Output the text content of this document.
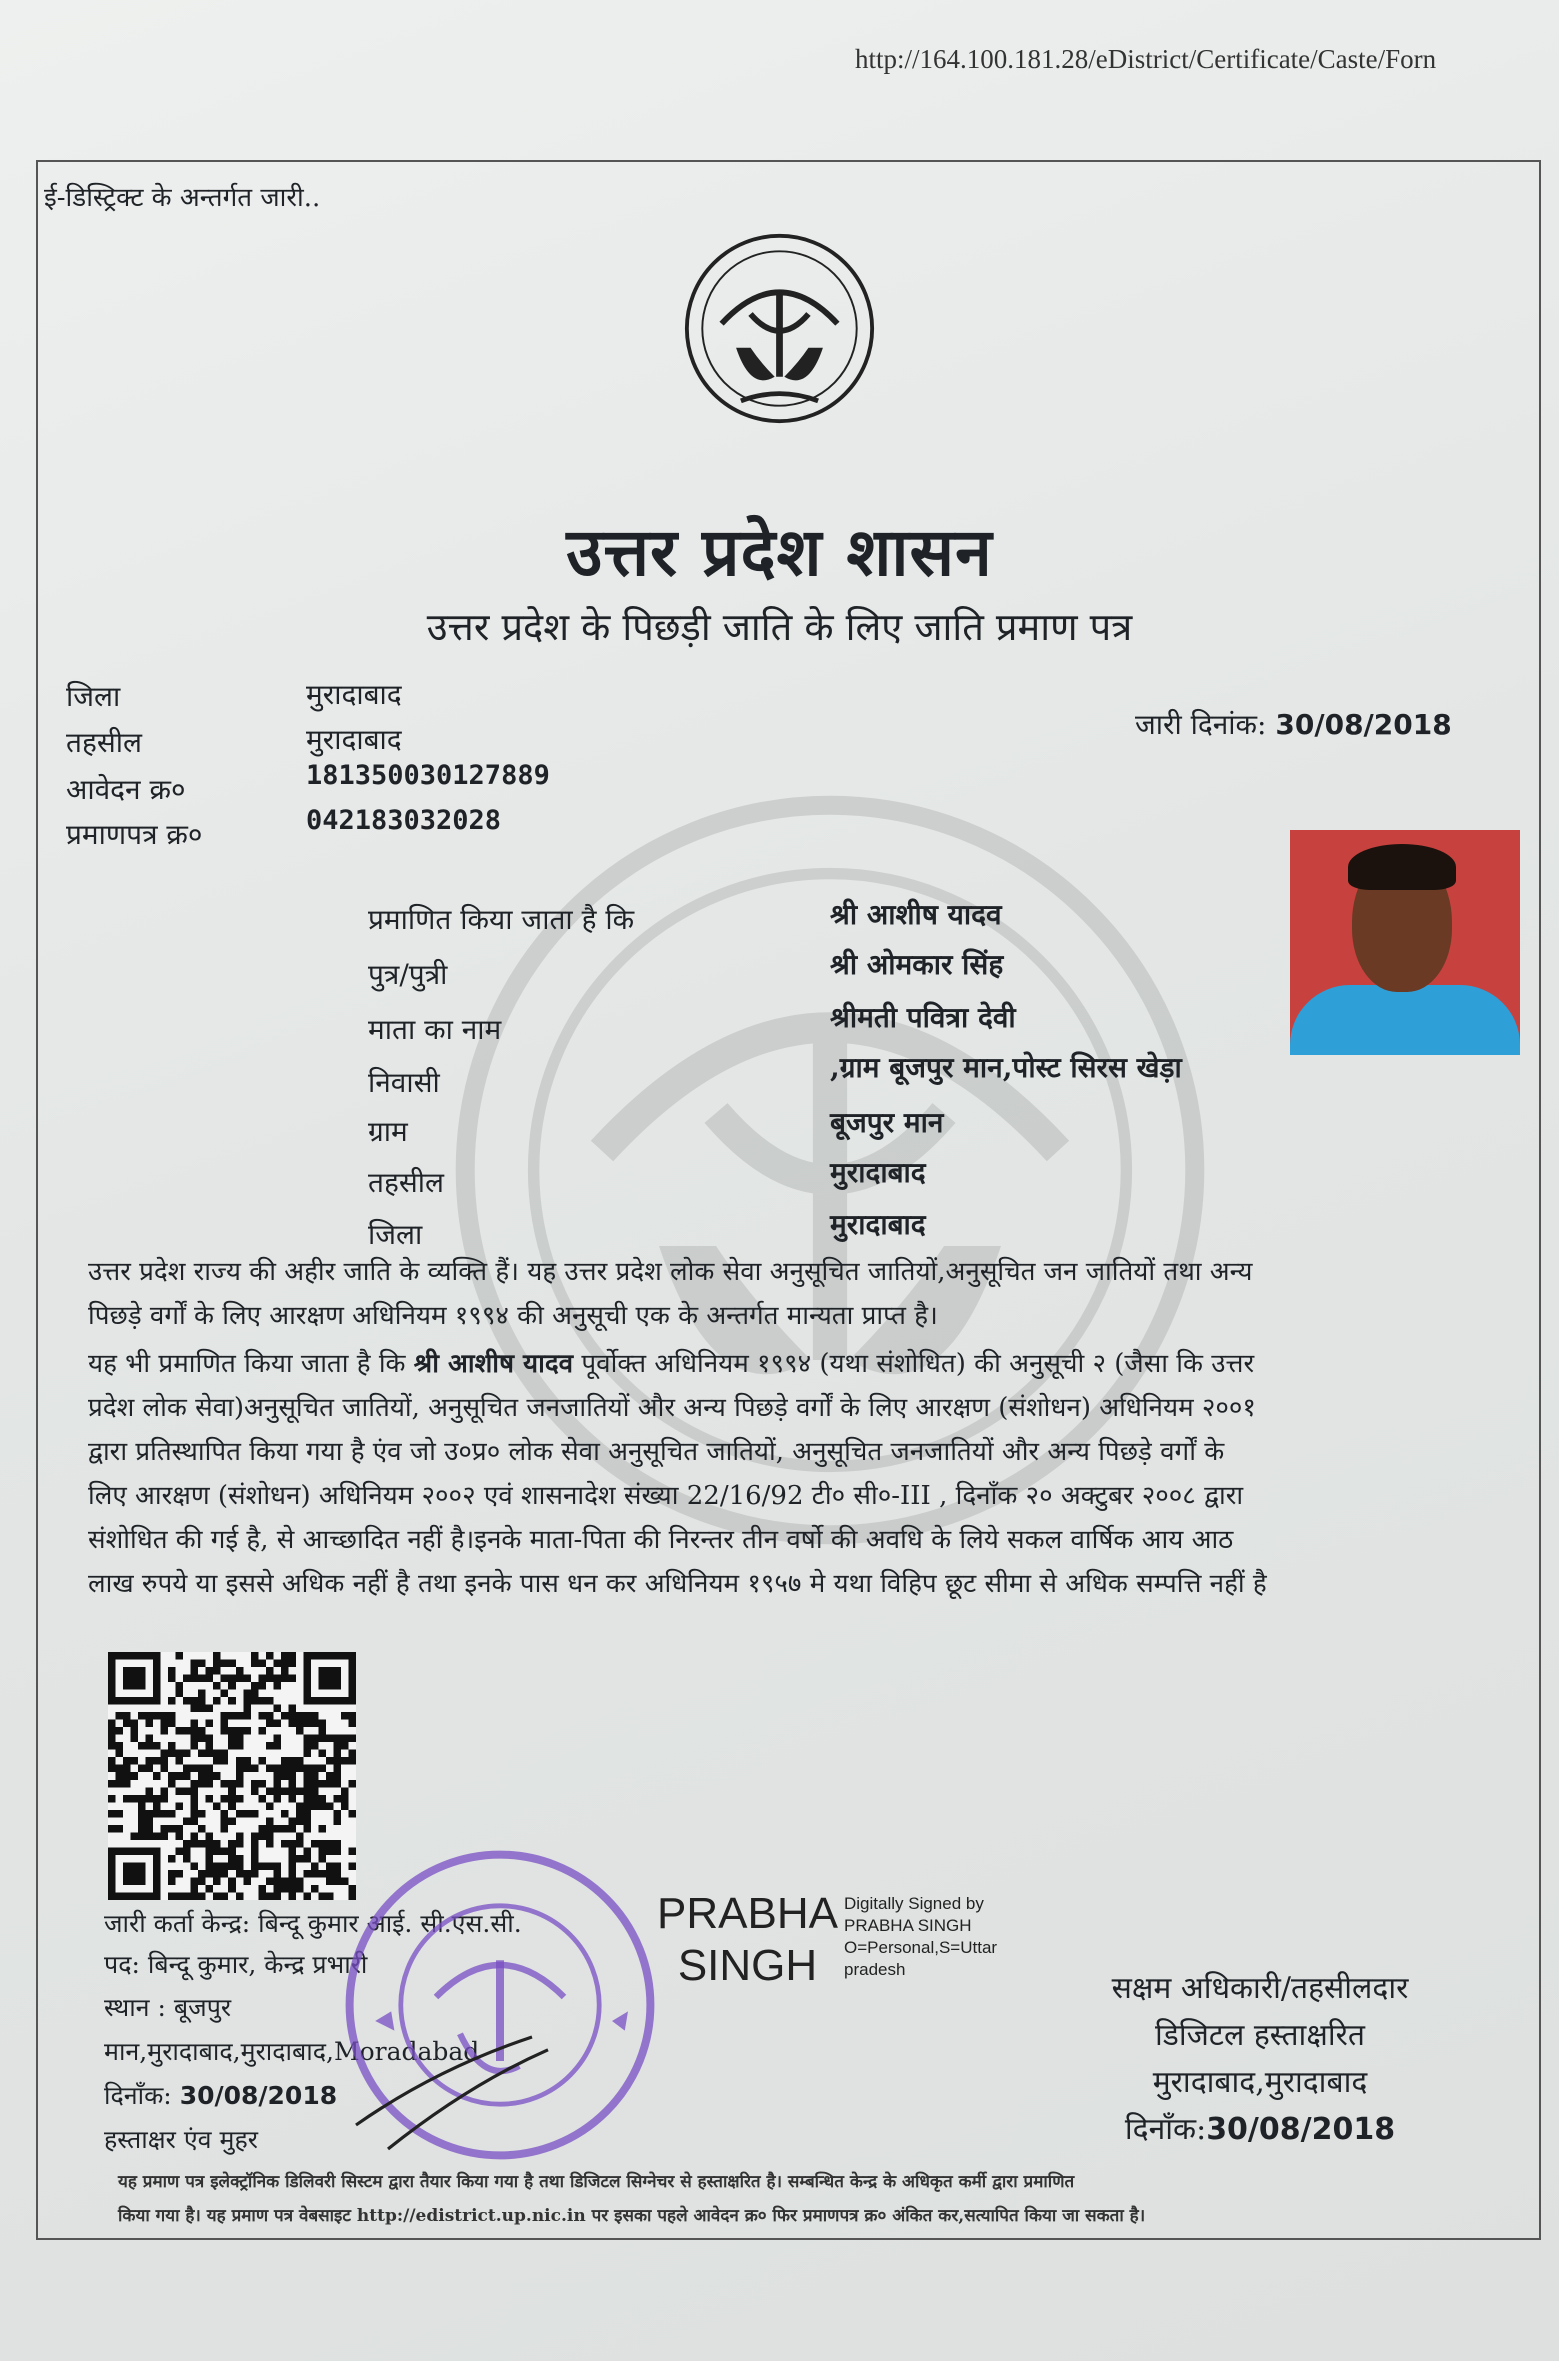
http://164.100.181.28/eDistrict/Certificate/Caste/Forn
ई-डिस्ट्रिक्ट के अन्तर्गत जारी..
उत्तर प्रदेश शासन
उत्तर प्रदेश के पिछड़ी जाति के लिए जाति प्रमाण पत्र
जिला	मुरादाबाद
तहसील	मुरादाबाद
आवेदन क्र०	181350030127889
प्रमाणपत्र क्र०	042183032028
जारी दिनांक: 30/08/2018
प्रमाणित किया जाता है कि	श्री आशीष यादव
पुत्र/पुत्री	श्री ओमकार सिंह
माता का नाम	श्रीमती पवित्रा देवी
निवासी	,ग्राम बूजपुर मान,पोस्ट सिरस खेड़ा
ग्राम	बूजपुर मान
तहसील	मुरादाबाद
जिला	मुरादाबाद
उत्तर प्रदेश राज्य की अहीर जाति के व्यक्ति हैं। यह उत्तर प्रदेश लोक सेवा अनुसूचित जातियों,अनुसूचित जन जातियों तथा अन्य
पिछड़े वर्गों के लिए आरक्षण अधिनियम १९९४ की अनुसूची एक के अन्तर्गत मान्यता प्राप्त है।
यह भी प्रमाणित किया जाता है कि श्री आशीष यादव पूर्वोक्त अधिनियम १९९४ (यथा संशोधित) की अनुसूची २ (जैसा कि उत्तर
प्रदेश लोक सेवा)अनुसूचित जातियों, अनुसूचित जनजातियों और अन्य पिछड़े वर्गों के लिए आरक्षण (संशोधन) अधिनियम २००१
द्वारा प्रतिस्थापित किया गया है एंव जो उ०प्र० लोक सेवा अनुसूचित जातियों, अनुसूचित जनजातियों और अन्य पिछड़े वर्गों के
लिए आरक्षण (संशोधन) अधिनियम २००२ एवं शासनादेश संख्या 22/16/92 टी० सी०-III , दिनाँक २० अक्टुबर २००८ द्वारा
संशोधित की गई है, से आच्छादित नहीं है।इनके माता-पिता की निरन्तर तीन वर्षो की अवधि के लिये सकल वार्षिक आय आठ
लाख रुपये या इससे अधिक नहीं है तथा इनके पास धन कर अधिनियम १९५७ मे यथा विहिप छूट सीमा से अधिक सम्पत्ति नहीं है
जारी कर्ता केन्द्र: बिन्दू कुमार आई. सी.एस.सी.
पद: बिन्दू कुमार, केन्द्र प्रभारी
स्थान : बूजपुर
मान,मुरादाबाद,मुरादाबाद,Moradabad
दिनाँक: 30/08/2018
हस्ताक्षर एंव मुहर
PRABHA
SINGH
Digitally Signed by
PRABHA SINGH
O=Personal,S=Uttar
pradesh
सक्षम अधिकारी/तहसीलदार
डिजिटल हस्ताक्षरित
मुरादाबाद,मुरादाबाद
दिनाँक:30/08/2018
यह प्रमाण पत्र इलेक्ट्रॉनिक डिलिवरी सिस्टम द्वारा तैयार किया गया है तथा डिजिटल सिग्नेचर से हस्ताक्षरित है। सम्बन्धित केन्द्र के अधिकृत कर्मी द्वारा प्रमाणित
किया गया है। यह प्रमाण पत्र वेबसाइट http://edistrict.up.nic.in पर इसका पहले आवेदन क्र० फिर प्रमाणपत्र क्र० अंकित कर,सत्यापित किया जा सकता है।
